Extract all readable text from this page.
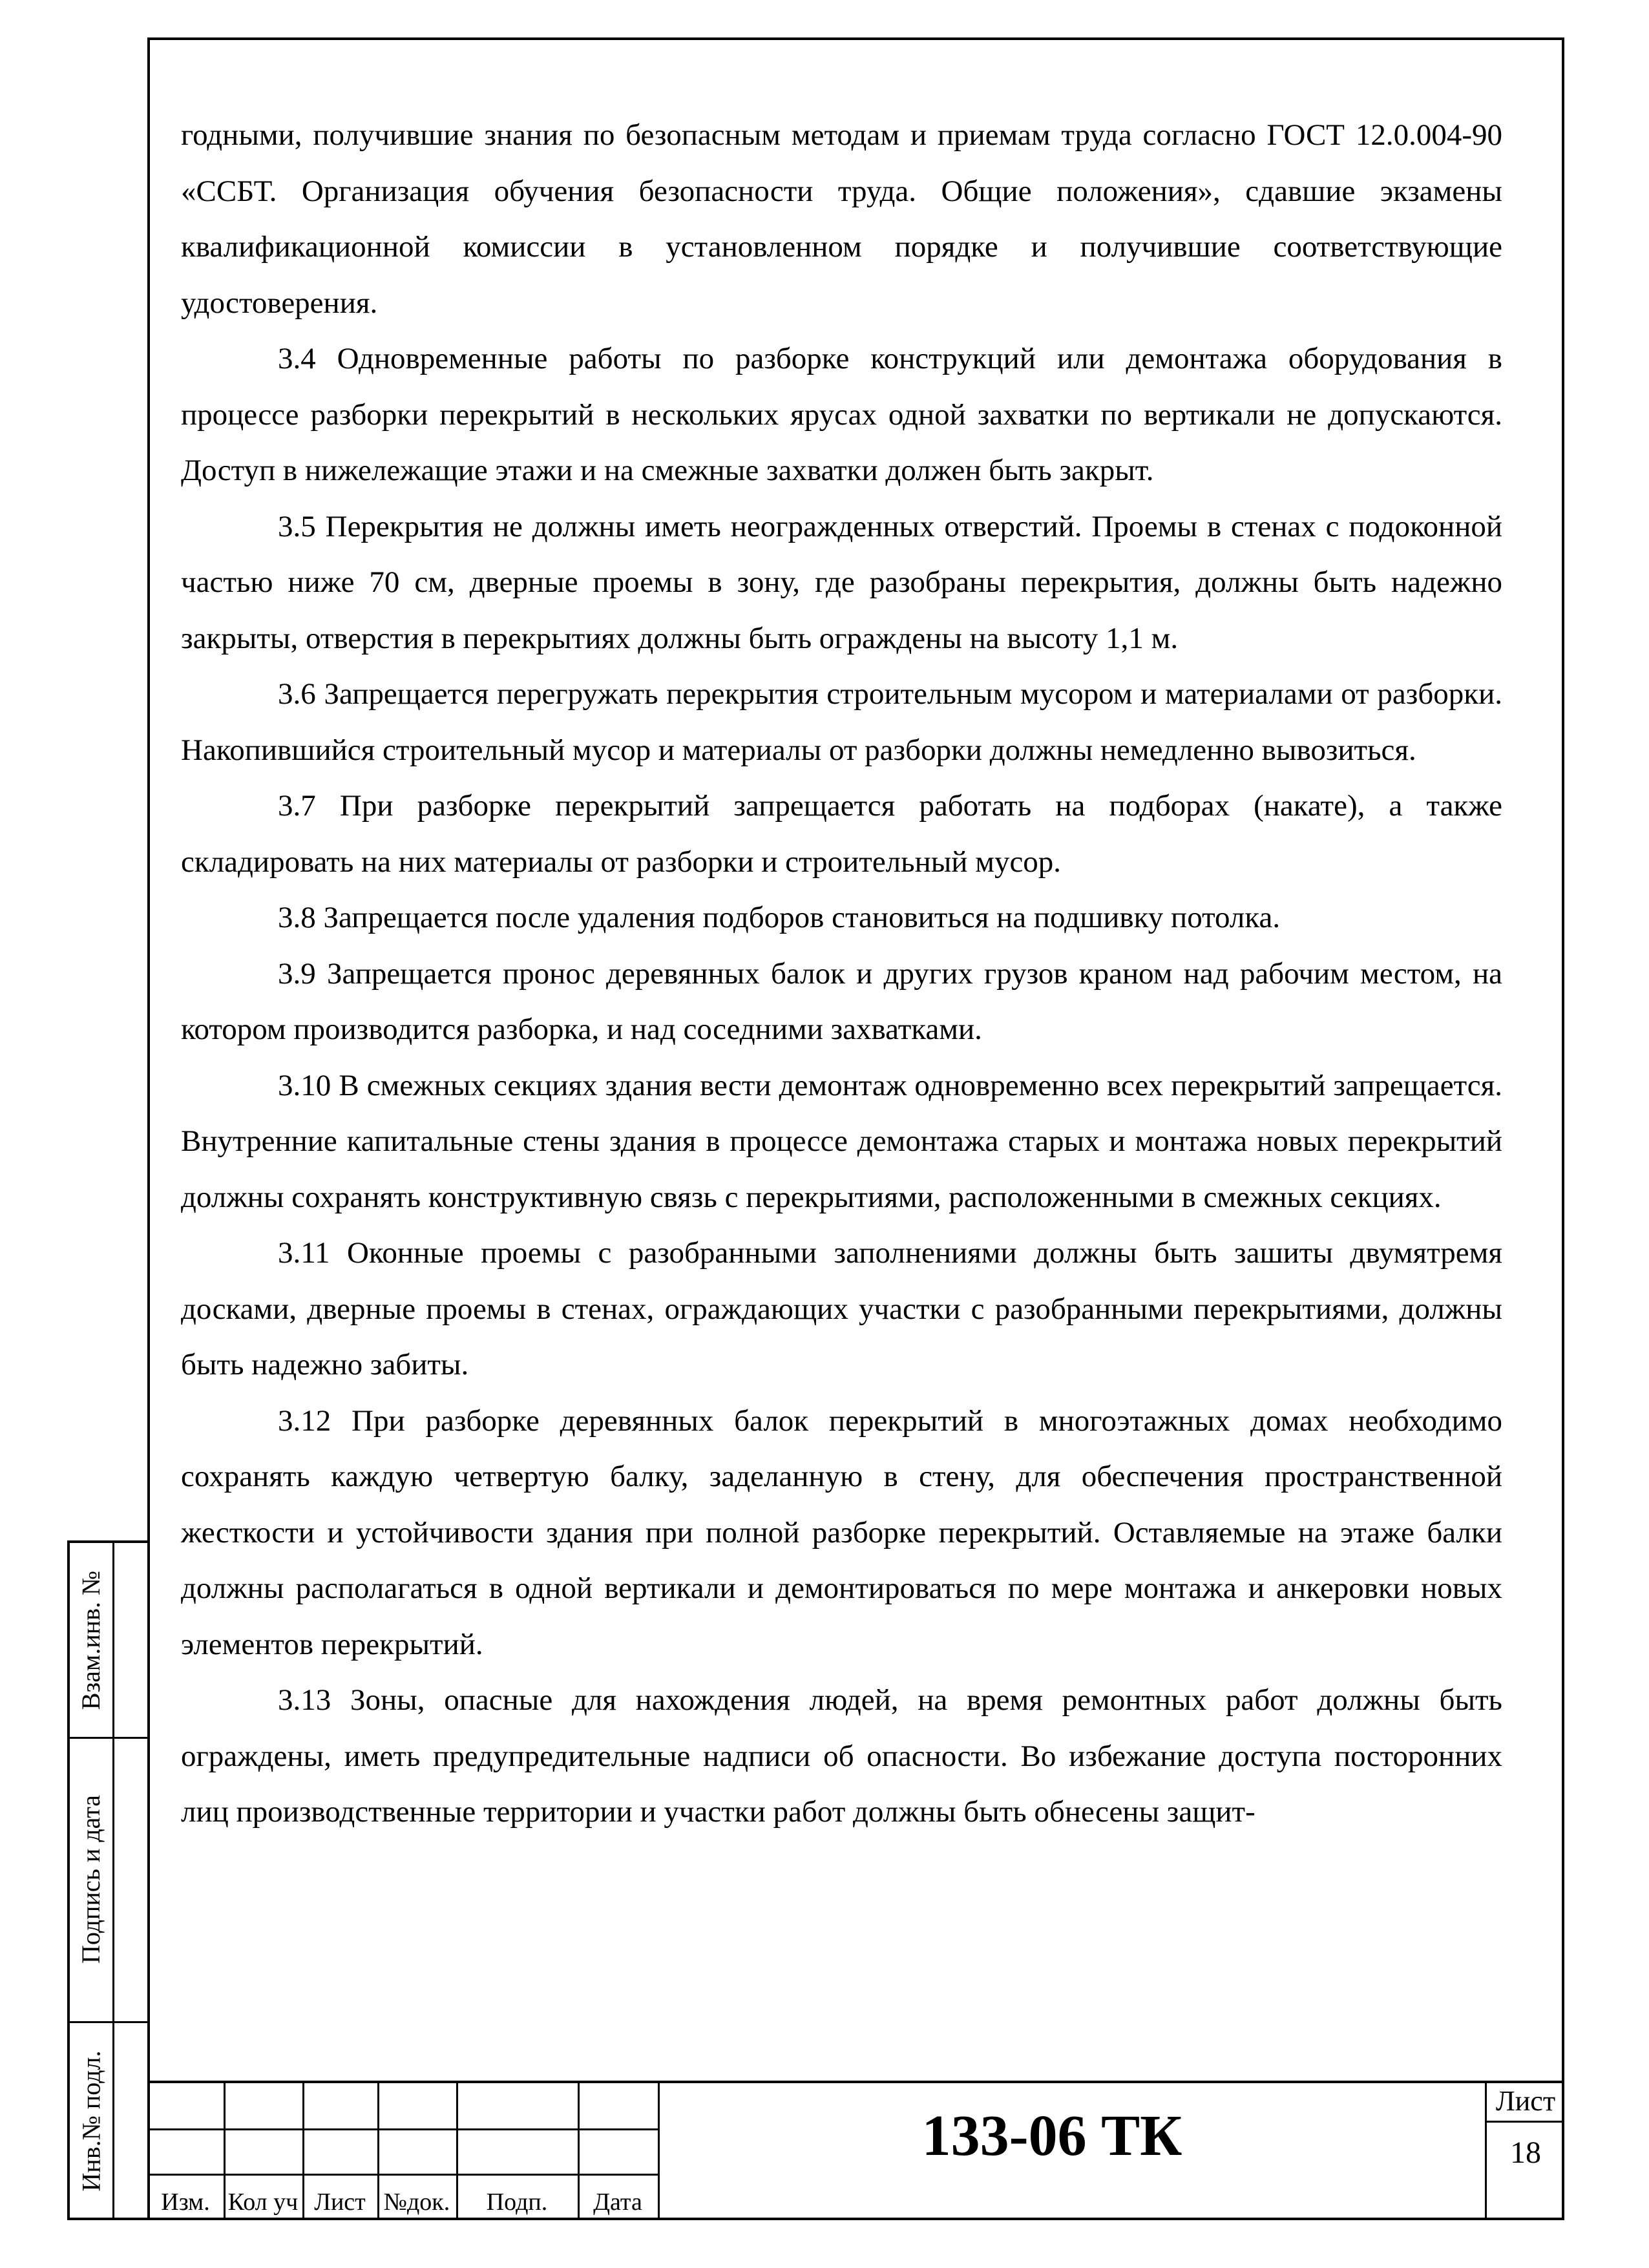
годными, получившие знания по безопасным методам и приемам труда согласно ГОСТ 12.0.004-90 «ССБТ. Организация обучения безопасности труда. Общие положения», сдавшие экзамены квалификационной комиссии в установленном порядке и получившие соответствующие удостоверения.

3.4 Одновременные работы по разборке конструкций или демонтажа оборудования в процессе разборки перекрытий в нескольких ярусах одной захватки по вертикали не допускаются. Доступ в нижележащие этажи и на смежные захватки должен быть закрыт.

3.5 Перекрытия не должны иметь неогражденных отверстий. Проемы в стенах с подоконной частью ниже 70 см, дверные проемы в зону, где разобраны перекрытия, должны быть надежно закрыты, отверстия в перекрытиях должны быть ограждены на высоту 1,1 м.

3.6 Запрещается перегружать перекрытия строительным мусором и материалами от разборки. Накопившийся строительный мусор и материалы от разборки должны немедленно вывозиться.

3.7 При разборке перекрытий запрещается работать на подборах (накате), а также складировать на них материалы от разборки и строительный мусор.

3.8 Запрещается после удаления подборов становиться на подшивку потолка.

3.9 Запрещается пронос деревянных балок и других грузов краном над рабочим местом, на котором производится разборка, и над соседними захватками.

3.10 В смежных секциях здания вести демонтаж одновременно всех перекрытий запрещается. Внутренние капитальные стены здания в процессе демонтажа старых и монтажа новых перекрытий должны сохранять конструктивную связь с перекрытиями, расположенными в смежных секциях.

3.11 Оконные проемы с разобранными заполнениями должны быть зашиты двумятремя досками, дверные проемы в стенах, ограждающих участки с разобранными перекрытиями, должны быть надежно забиты.

3.12 При разборке деревянных балок перекрытий в многоэтажных домах необходимо сохранять каждую четвертую балку, заделанную в стену, для обеспечения пространственной жесткости и устойчивости здания при полной разборке перекрытий. Оставляемые на этаже балки должны располагаться в одной вертикали и демонтироваться по мере монтажа и анкеровки новых элементов перекрытий.

3.13 Зоны, опасные для нахождения людей, на время ремонтных работ должны быть ограждены, иметь предупредительные надписи об опасности. Во избежание доступа посторонних лиц производственные территории и участки работ должны быть обнесены защит-

Взам.инв. №
Подпись и дата
Инв.№ подл.
Изм. Кол уч Лист №док.	Подп.	Дата
133-06 ТК
Лист
18
